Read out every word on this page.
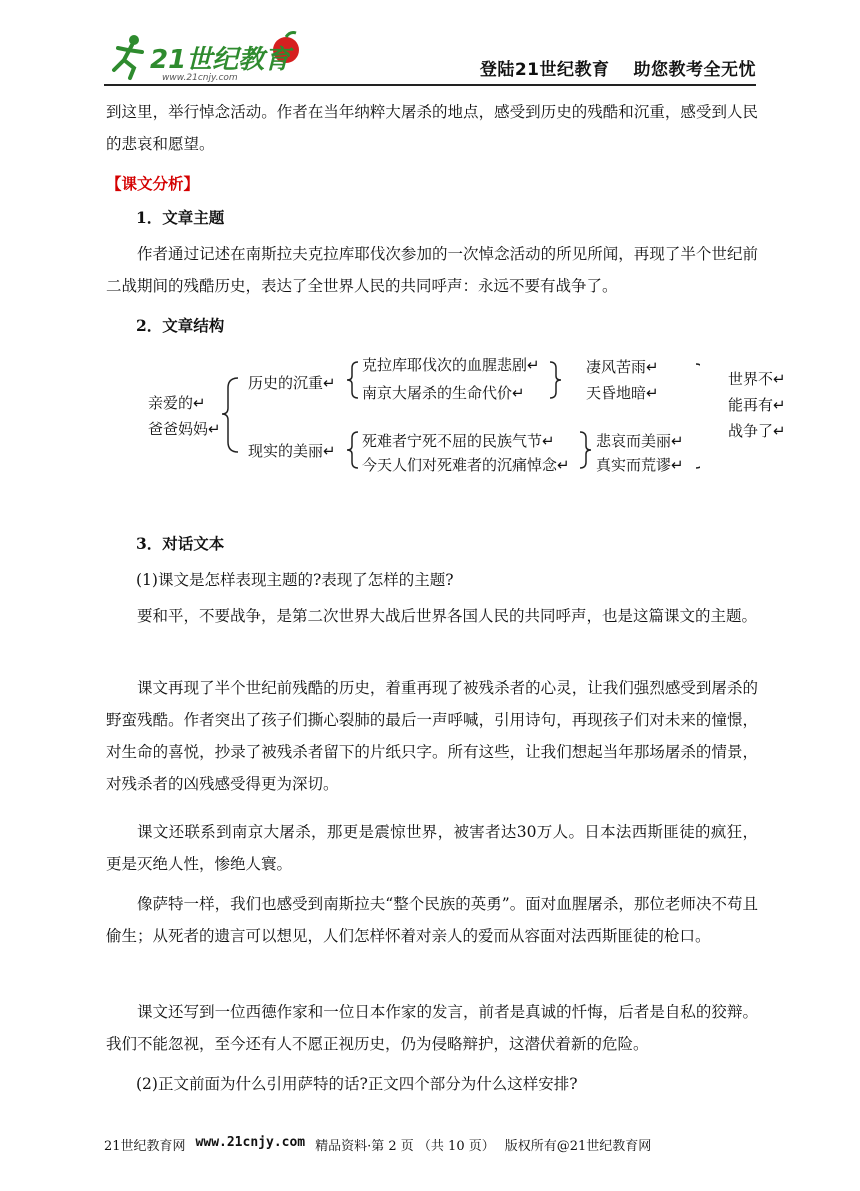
21世纪教育
www.21cnjy.com	登陆21世纪教育 助您教考全无忧
到这里，举行悼念活动。作者在当年纳粹大屠杀的地点，感受到历史的残酷和沉重，感受到人民的悲哀和愿望。
【课文分析】
1．文章主题
作者通过记述在南斯拉夫克拉库耶伐次参加的一次悼念活动的所见所闻，再现了半个世纪前二战期间的残酷历史，表达了全世界人民的共同呼声：永远不要有战争了。
2．文章结构
亲爱的↵
爸爸妈妈↵
历史的沉重↵
现实的美丽↵
克拉库耶伐次的血腥悲剧↵
南京大屠杀的生命代价↵
凄风苦雨↵
天昏地暗↵
死难者宁死不屈的民族气节↵
今天人们对死难者的沉痛悼念↵
悲哀而美丽↵
真实而荒谬↵
世界不↵
能再有↵
战争了↵
3．对话文本
(1)课文是怎样表现主题的?表现了怎样的主题?
要和平，不要战争，是第二次世界大战后世界各国人民的共同呼声，也是这篇课文的主题。
课文再现了半个世纪前残酷的历史，着重再现了被残杀者的心灵，让我们强烈感受到屠杀的野蛮残酷。作者突出了孩子们撕心裂肺的最后一声呼喊，引用诗句，再现孩子们对未来的憧憬，对生命的喜悦，抄录了被残杀者留下的片纸只字。所有这些，让我们想起当年那场屠杀的情景，对残杀者的凶残感受得更为深切。
课文还联系到南京大屠杀，那更是震惊世界，被害者达30万人。日本法西斯匪徒的疯狂，更是灭绝人性，惨绝人寰。
像萨特一样，我们也感受到南斯拉夫“整个民族的英勇”。面对血腥屠杀，那位老师决不苟且偷生；从死者的遗言可以想见，人们怎样怀着对亲人的爱而从容面对法西斯匪徒的枪口。
课文还写到一位西德作家和一位日本作家的发言，前者是真诚的忏悔，后者是自私的狡辩。我们不能忽视，至今还有人不愿正视历史，仍为侵略辩护，这潜伏着新的危险。
(2)正文前面为什么引用萨特的话?正文四个部分为什么这样安排?
21世纪教育网 www.21cnjy.com 精品资料·第 2 页 （共 10 页） 版权所有@21世纪教育网
